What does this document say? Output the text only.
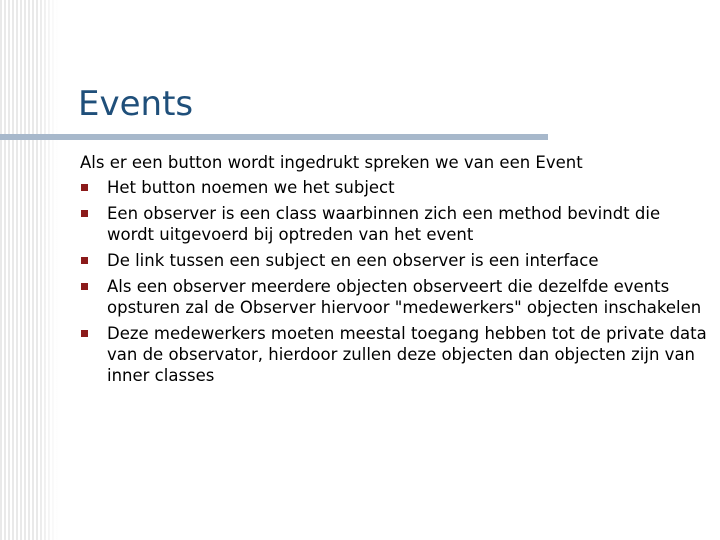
Events

Als er een button wordt ingedrukt spreken we van een Event

Het button noemen we het subject
Een observer is een class waarbinnen zich een method bevindt die wordt uitgevoerd bij optreden van het event
De link tussen een subject en een observer is een interface
Als een observer meerdere objecten observeert die dezelfde events opsturen zal de Observer hiervoor "medewerkers" objecten inschakelen
Deze medewerkers moeten meestal toegang hebben tot de private data van de observator, hierdoor zullen deze objecten dan objecten zijn van inner classes
